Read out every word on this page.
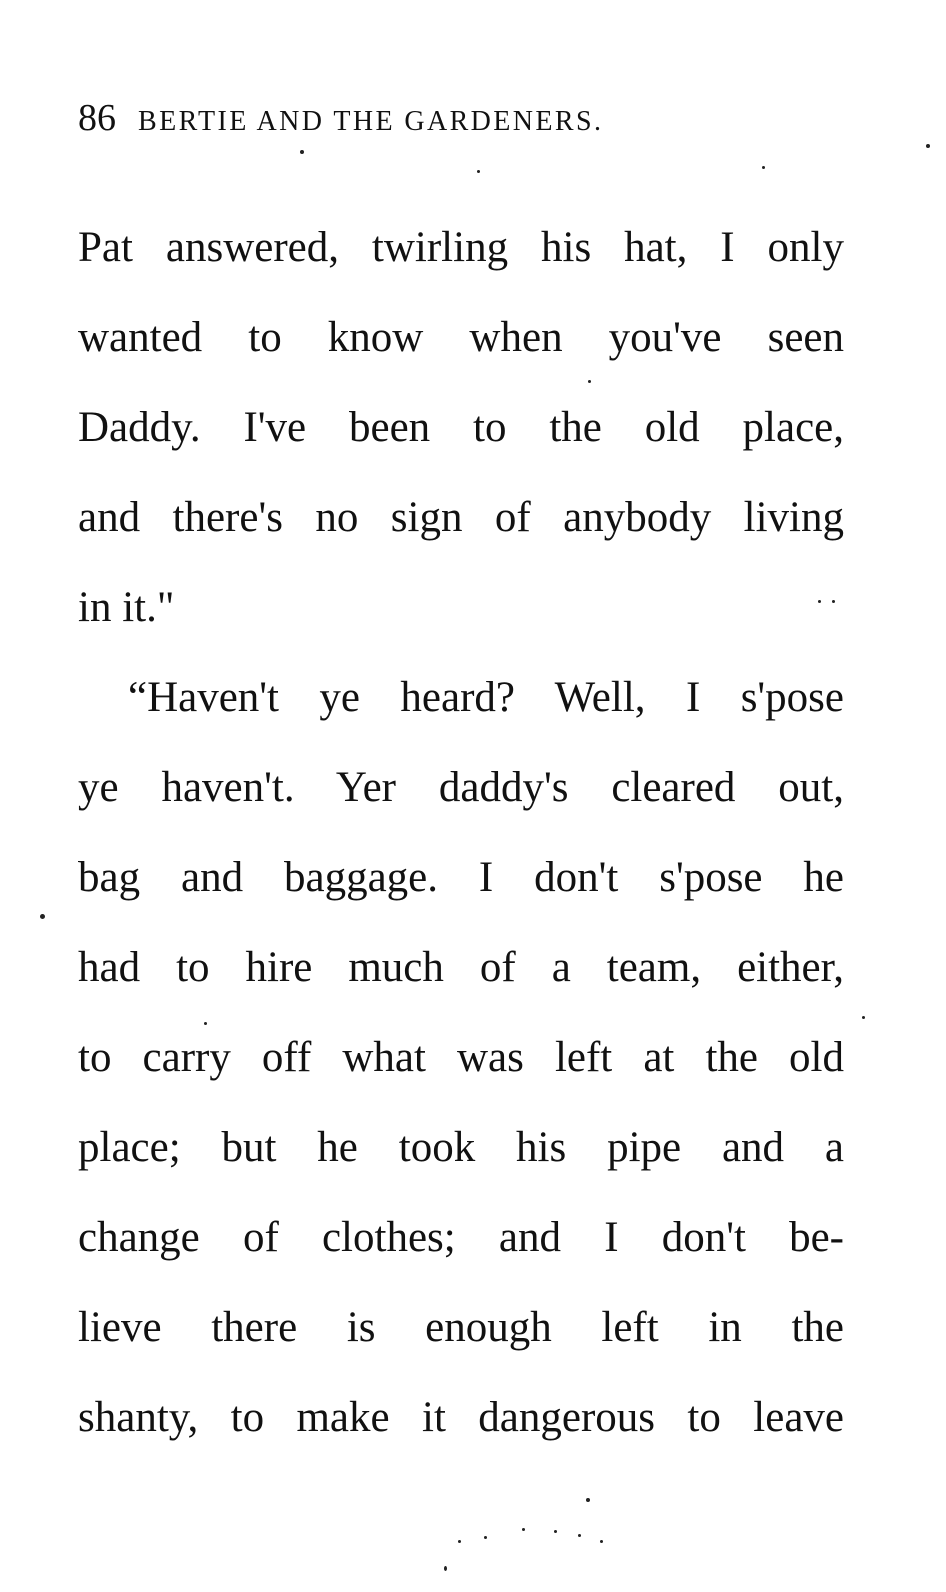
86 BERTIE AND THE GARDENERS.
Pat answered, twirling his hat, I only
wanted to know when you've seen
Daddy. I've been to the old place,
and there's no sign of anybody living
in it."
“Haven't ye heard? Well, I s'pose
ye haven't. Yer daddy's cleared out,
bag and baggage. I don't s'pose he
had to hire much of a team, either,
to carry off what was left at the old
place; but he took his pipe and a
change of clothes; and I don't be-
lieve there is enough left in the
shanty, to make it dangerous to leave
